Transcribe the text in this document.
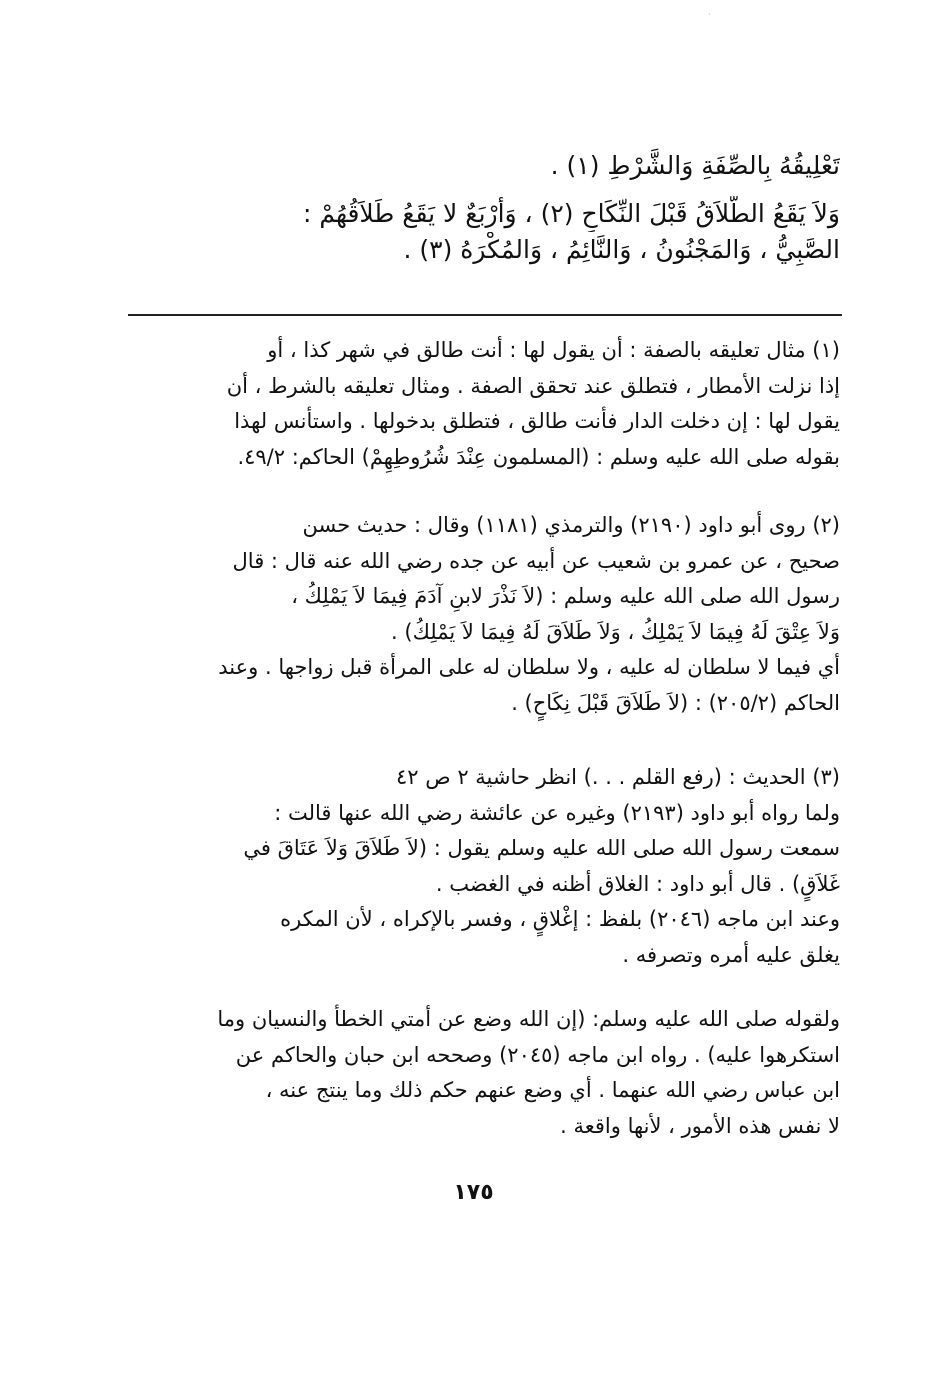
·
تَعْلِيقُهُ بِالصِّفَةِ وَالشَّرْطِ (١) .
وَلاَ يَقَعُ الطَّلاَقُ قَبْلَ النِّكَاحِ (٢) ، وَأَرْبَعٌ لا يَقَعُ طَلاَقُهُمْ :
الصَّبِيُّ ، وَالمَجْنُونُ ، وَالنَّائِمُ ، وَالمُكْرَهُ (٣) .
(١) مثال تعليقه بالصفة : أن يقول لها : أنت طالق في شهر كذا ، أو
إذا نزلت الأمطار ، فتطلق عند تحقق الصفة . ومثال تعليقه بالشرط ، أن
يقول لها : إن دخلت الدار فأنت طالق ، فتطلق بدخولها . واستأنس لهذا
بقوله صلى الله عليه وسلم : (المسلمون عِنْدَ شُرُوطِهِمْ) الحاكم: ٤٩/٢.
(٢) روى أبو داود (٢١٩٠) والترمذي (١١٨١) وقال : حديث حسن
صحيح ، عن عمرو بن شعيب عن أبيه عن جده رضي الله عنه قال : قال
رسول الله صلى الله عليه وسلم : (لاَ نَذْرَ لابنِ آدَمَ فِيمَا لاَ يَمْلِكُ ،
وَلاَ عِتْقَ لَهُ فِيمَا لاَ يَمْلِكُ ، وَلاَ طَلاَقَ لَهُ فِيمَا لاَ يَمْلِكُ) .
أي فيما لا سلطان له عليه ، ولا سلطان له على المرأة قبل زواجها . وعند
الحاكم (٢٠٥/٢) : (لاَ طَلاَقَ قَبْلَ نِكَاحٍ) .
(٣) الحديث : (رفع القلم . . .) انظر حاشية ٢ ص ٤٢
ولما رواه أبو داود (٢١٩٣) وغيره عن عائشة رضي الله عنها قالت :
سمعت رسول الله صلى الله عليه وسلم يقول : (لاَ طَلاَقَ وَلاَ عَتَاقَ في
غَلاَقٍ) . قال أبو داود : الغلاق أظنه في الغضب .
وعند ابن ماجه (٢٠٤٦) بلفظ : إغْلاقٍ ، وفسر بالإكراه ، لأن المكره
يغلق عليه أمره وتصرفه .
ولقوله صلى الله عليه وسلم: (إن الله وضع عن أمتي الخطأ والنسيان وما
استكرهوا عليه) . رواه ابن ماجه (٢٠٤٥) وصححه ابن حبان والحاكم عن
ابن عباس رضي الله عنهما . أي وضع عنهم حكم ذلك وما ينتج عنه ،
لا نفس هذه الأمور ، لأنها واقعة .
١٧٥
